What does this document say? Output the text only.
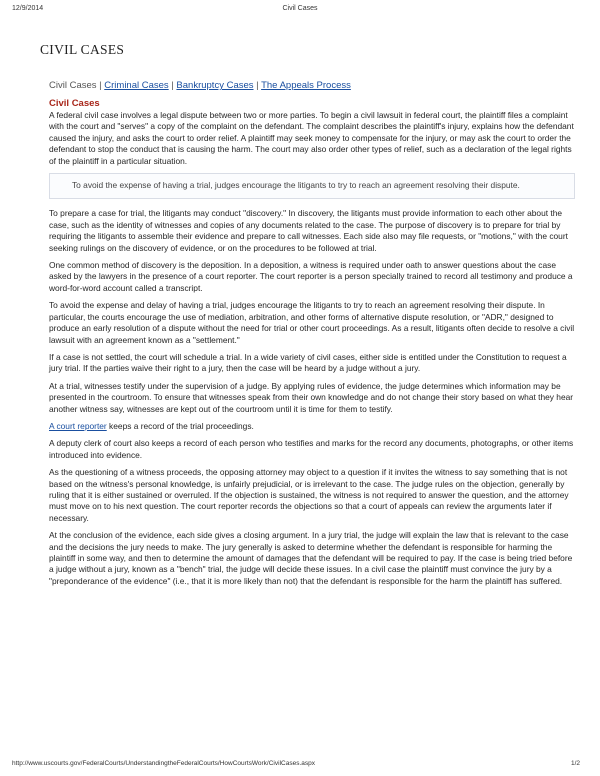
12/9/2014	Civil Cases
CIVIL CASES
Civil Cases | Criminal Cases | Bankruptcy Cases | The Appeals Process
Civil Cases

A federal civil case involves a legal dispute between two or more parties. To begin a civil lawsuit in federal court, the plaintiff files a complaint with the court and "serves" a copy of the complaint on the defendant. The complaint describes the plaintiff's injury, explains how the defendant caused the injury, and asks the court to order relief. A plaintiff may seek money to compensate for the injury, or may ask the court to order the defendant to stop the conduct that is causing the harm. The court may also order other types of relief, such as a declaration of the legal rights of the plaintiff in a particular situation.

To avoid the expense of having a trial, judges encourage the litigants to try to reach an agreement resolving their dispute.

To prepare a case for trial, the litigants may conduct "discovery." In discovery, the litigants must provide information to each other about the case, such as the identity of witnesses and copies of any documents related to the case. The purpose of discovery is to prepare for trial by requiring the litigants to assemble their evidence and prepare to call witnesses. Each side also may file requests, or "motions," with the court seeking rulings on the discovery of evidence, or on the procedures to be followed at trial.

One common method of discovery is the deposition. In a deposition, a witness is required under oath to answer questions about the case asked by the lawyers in the presence of a court reporter. The court reporter is a person specially trained to record all testimony and produce a word-for-word account called a transcript.

To avoid the expense and delay of having a trial, judges encourage the litigants to try to reach an agreement resolving their dispute. In particular, the courts encourage the use of mediation, arbitration, and other forms of alternative dispute resolution, or "ADR," designed to produce an early resolution of a dispute without the need for trial or other court proceedings. As a result, litigants often decide to resolve a civil lawsuit with an agreement known as a "settlement."

If a case is not settled, the court will schedule a trial. In a wide variety of civil cases, either side is entitled under the Constitution to request a jury trial. If the parties waive their right to a jury, then the case will be heard by a judge without a jury.

At a trial, witnesses testify under the supervision of a judge. By applying rules of evidence, the judge determines which information may be presented in the courtroom. To ensure that witnesses speak from their own knowledge and do not change their story based on what they hear another witness say, witnesses are kept out of the courtroom until it is time for them to testify.

A court reporter keeps a record of the trial proceedings.

A deputy clerk of court also keeps a record of each person who testifies and marks for the record any documents, photographs, or other items introduced into evidence.

As the questioning of a witness proceeds, the opposing attorney may object to a question if it invites the witness to say something that is not based on the witness's personal knowledge, is unfairly prejudicial, or is irrelevant to the case. The judge rules on the objection, generally by ruling that it is either sustained or overruled. If the objection is sustained, the witness is not required to answer the question, and the attorney must move on to his next question. The court reporter records the objections so that a court of appeals can review the arguments later if necessary.

At the conclusion of the evidence, each side gives a closing argument. In a jury trial, the judge will explain the law that is relevant to the case and the decisions the jury needs to make. The jury generally is asked to determine whether the defendant is responsible for harming the plaintiff in some way, and then to determine the amount of damages that the defendant will be required to pay. If the case is being tried before a judge without a jury, known as a "bench" trial, the judge will decide these issues. In a civil case the plaintiff must convince the jury by a "preponderance of the evidence" (i.e., that it is more likely than not) that the defendant is responsible for the harm the plaintiff has suffered.

http://www.uscourts.gov/FederalCourts/UnderstandingtheFederalCourts/HowCourtsWork/CivilCases.aspx	1/2
